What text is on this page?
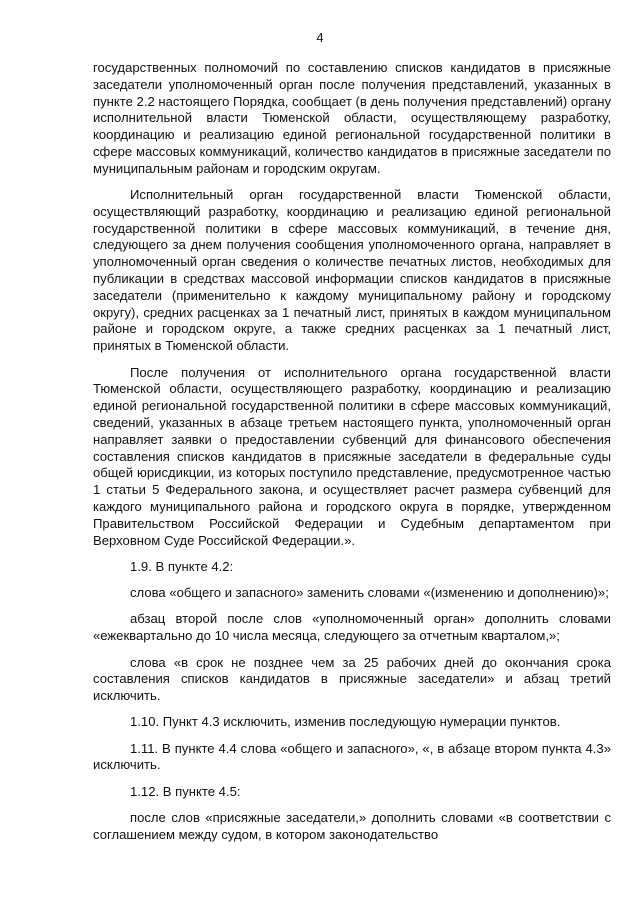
4

государственных полномочий по составлению списков кандидатов в присяжные заседатели уполномоченный орган после получения представлений, указанных в пункте 2.2 настоящего Порядка, сообщает (в день получения представлений) органу исполнительной власти Тюменской области, осуществляющему разработку, координацию и реализацию единой региональной государственной политики в сфере массовых коммуникаций, количество кандидатов в присяжные заседатели по муниципальным районам и городским округам.

Исполнительный орган государственной власти Тюменской области, осуществляющий разработку, координацию и реализацию единой региональной государственной политики в сфере массовых коммуникаций, в течение дня, следующего за днем получения сообщения уполномоченного органа, направляет в уполномоченный орган сведения о количестве печатных листов, необходимых для публикации в средствах массовой информации списков кандидатов в присяжные заседатели (применительно к каждому муниципальному району и городскому округу), средних расценках за 1 печатный лист, принятых в каждом муниципальном районе и городском округе, а также средних расценках за 1 печатный лист, принятых в Тюменской области.

После получения от исполнительного органа государственной власти Тюменской области, осуществляющего разработку, координацию и реализацию единой региональной государственной политики в сфере массовых коммуникаций, сведений, указанных в абзаце третьем настоящего пункта, уполномоченный орган направляет заявки о предоставлении субвенций для финансового обеспечения составления списков кандидатов в присяжные заседатели в федеральные суды общей юрисдикции, из которых поступило представление, предусмотренное частью 1 статьи 5 Федерального закона, и осуществляет расчет размера субвенций для каждого муниципального района и городского округа в порядке, утвержденном Правительством Российской Федерации и Судебным департаментом при Верховном Суде Российской Федерации.».

1.9. В пункте 4.2:

слова «общего и запасного» заменить словами «(изменению и дополнению)»;

абзац второй после слов «уполномоченный орган» дополнить словами «ежеквартально до 10 числа месяца, следующего за отчетным кварталом,»;

слова «в срок не позднее чем за 25 рабочих дней до окончания срока составления списков кандидатов в присяжные заседатели» и абзац третий исключить.

1.10. Пункт 4.3 исключить, изменив последующую нумерации пунктов.

1.11. В пункте 4.4 слова «общего и запасного», «, в абзаце втором пункта 4.3» исключить.

1.12. В пункте 4.5:

после слов «присяжные заседатели,» дополнить словами «в соответствии с соглашением между судом, в котором законодательство
